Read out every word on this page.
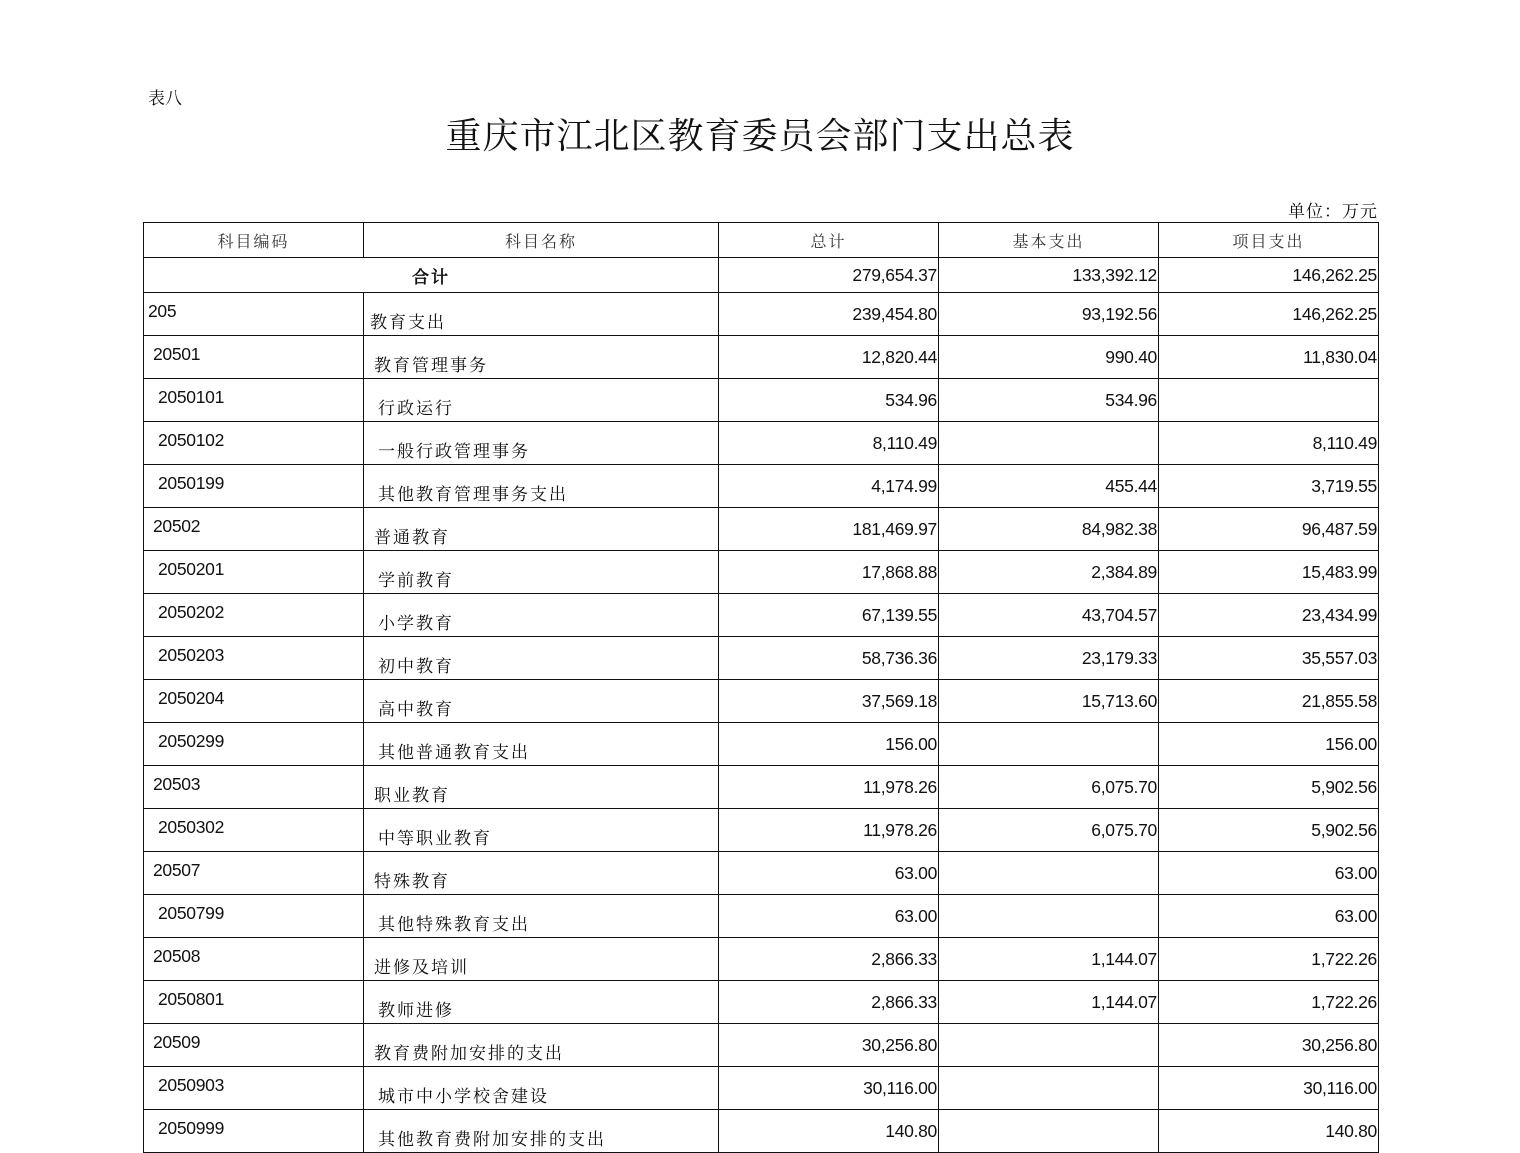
表八
重庆市江北区教育委员会部门支出总表
单位：万元
科目编码	科目名称	总计	基本支出	项目支出
合计		279,654.37	133,392.12	146,262.25
205	教育支出	239,454.80	93,192.56	146,262.25
20501	教育管理事务	12,820.44	990.40	11,830.04
2050101	行政运行	534.96	534.96	
2050102	一般行政管理事务	8,110.49		8,110.49
2050199	其他教育管理事务支出	4,174.99	455.44	3,719.55
20502	普通教育	181,469.97	84,982.38	96,487.59
2050201	学前教育	17,868.88	2,384.89	15,483.99
2050202	小学教育	67,139.55	43,704.57	23,434.99
2050203	初中教育	58,736.36	23,179.33	35,557.03
2050204	高中教育	37,569.18	15,713.60	21,855.58
2050299	其他普通教育支出	156.00		156.00
20503	职业教育	11,978.26	6,075.70	5,902.56
2050302	中等职业教育	11,978.26	6,075.70	5,902.56
20507	特殊教育	63.00		63.00
2050799	其他特殊教育支出	63.00		63.00
20508	进修及培训	2,866.33	1,144.07	1,722.26
2050801	教师进修	2,866.33	1,144.07	1,722.26
20509	教育费附加安排的支出	30,256.80		30,256.80
2050903	城市中小学校舍建设	30,116.00		30,116.00
2050999	其他教育费附加安排的支出	140.80		140.80
